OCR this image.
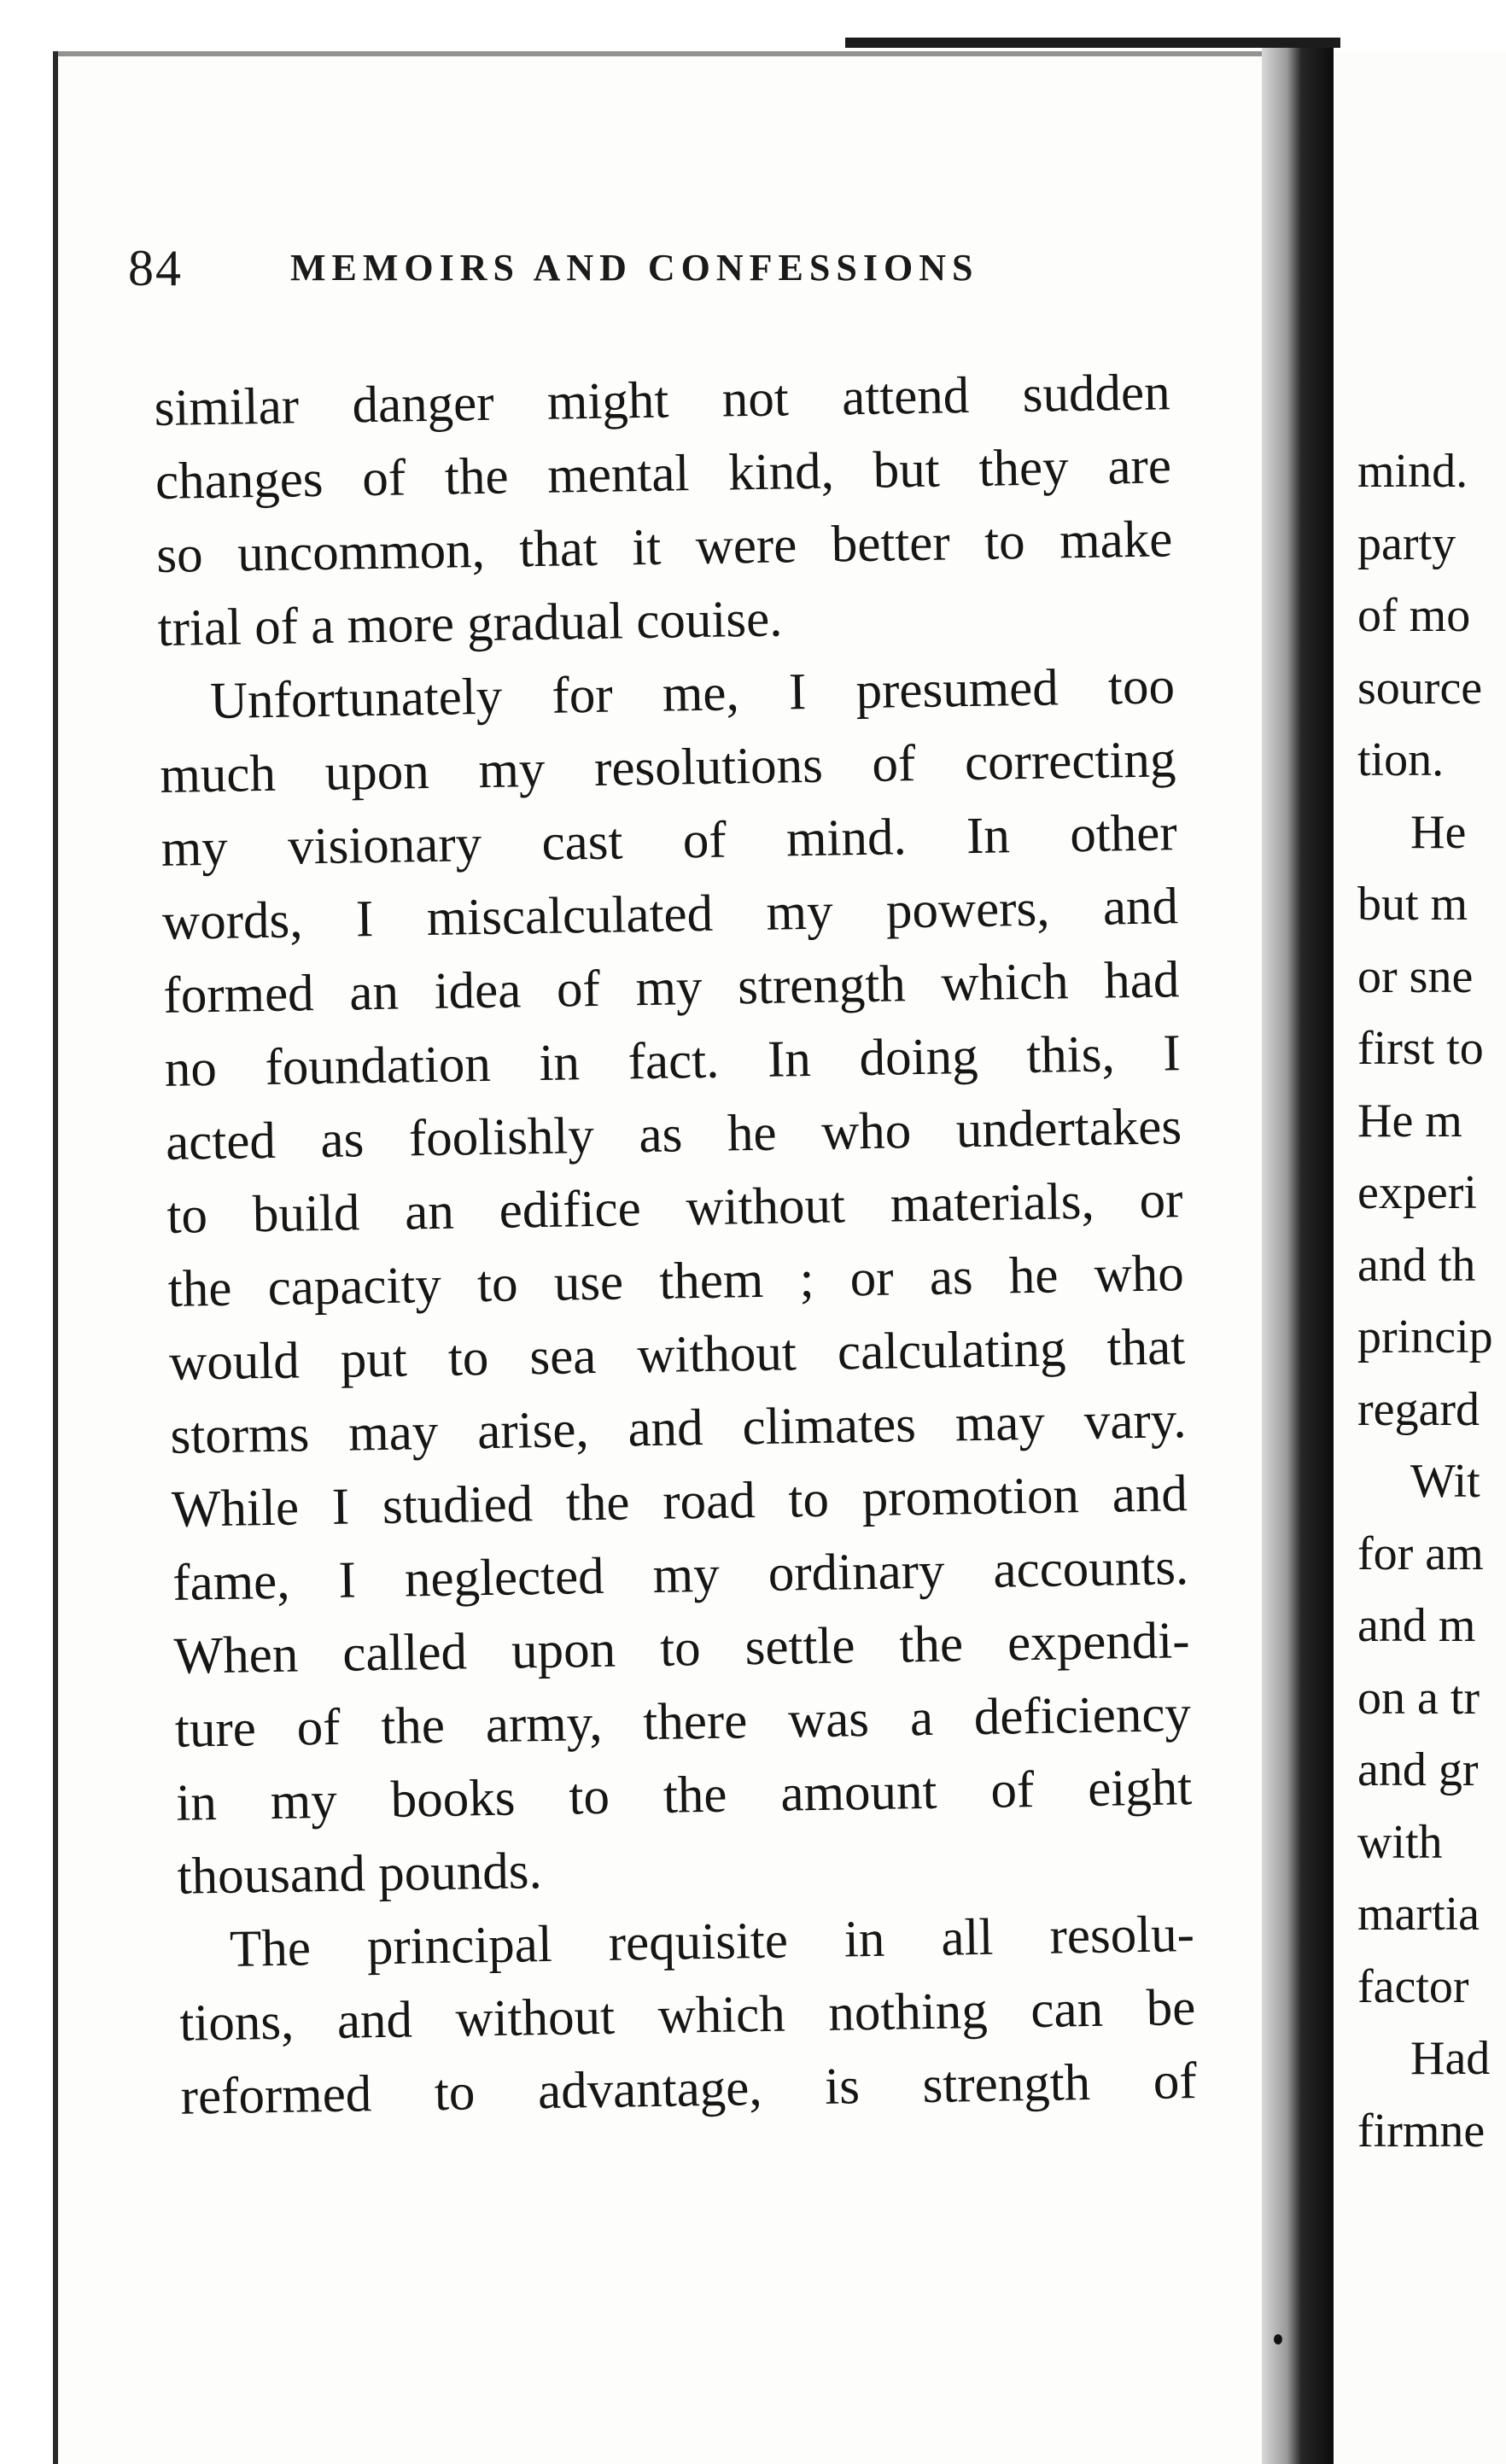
84	MEMOIRS AND CONFESSIONS
similar danger might not attend sudden
changes of the mental kind, but they are
so uncommon, that it were better to make
trial of a more gradual couise.
Unfortunately for me, I presumed too
much upon my resolutions of correcting
my visionary cast of mind. In other
words, I miscalculated my powers, and
formed an idea of my strength which had
no foundation in fact. In doing this, I
acted as foolishly as he who undertakes
to build an edifice without materials, or
the capacity to use them ; or as he who
would put to sea without calculating that
storms may arise, and climates may vary.
While I studied the road to promotion and
fame, I neglected my ordinary accounts.
When called upon to settle the expendi-
ture of the army, there was a deficiency
in my books to the amount of eight
thousand pounds.
The principal requisite in all resolu-
tions, and without which nothing can be
reformed to advantage, is strength of
mind.
party
of mo
source
tion.
He
but m
or sne
first to
He m
experi
and th
princip
regard
Wit
for am
and m
on a tr
and gr
with
martia
factor
Had
firmne
